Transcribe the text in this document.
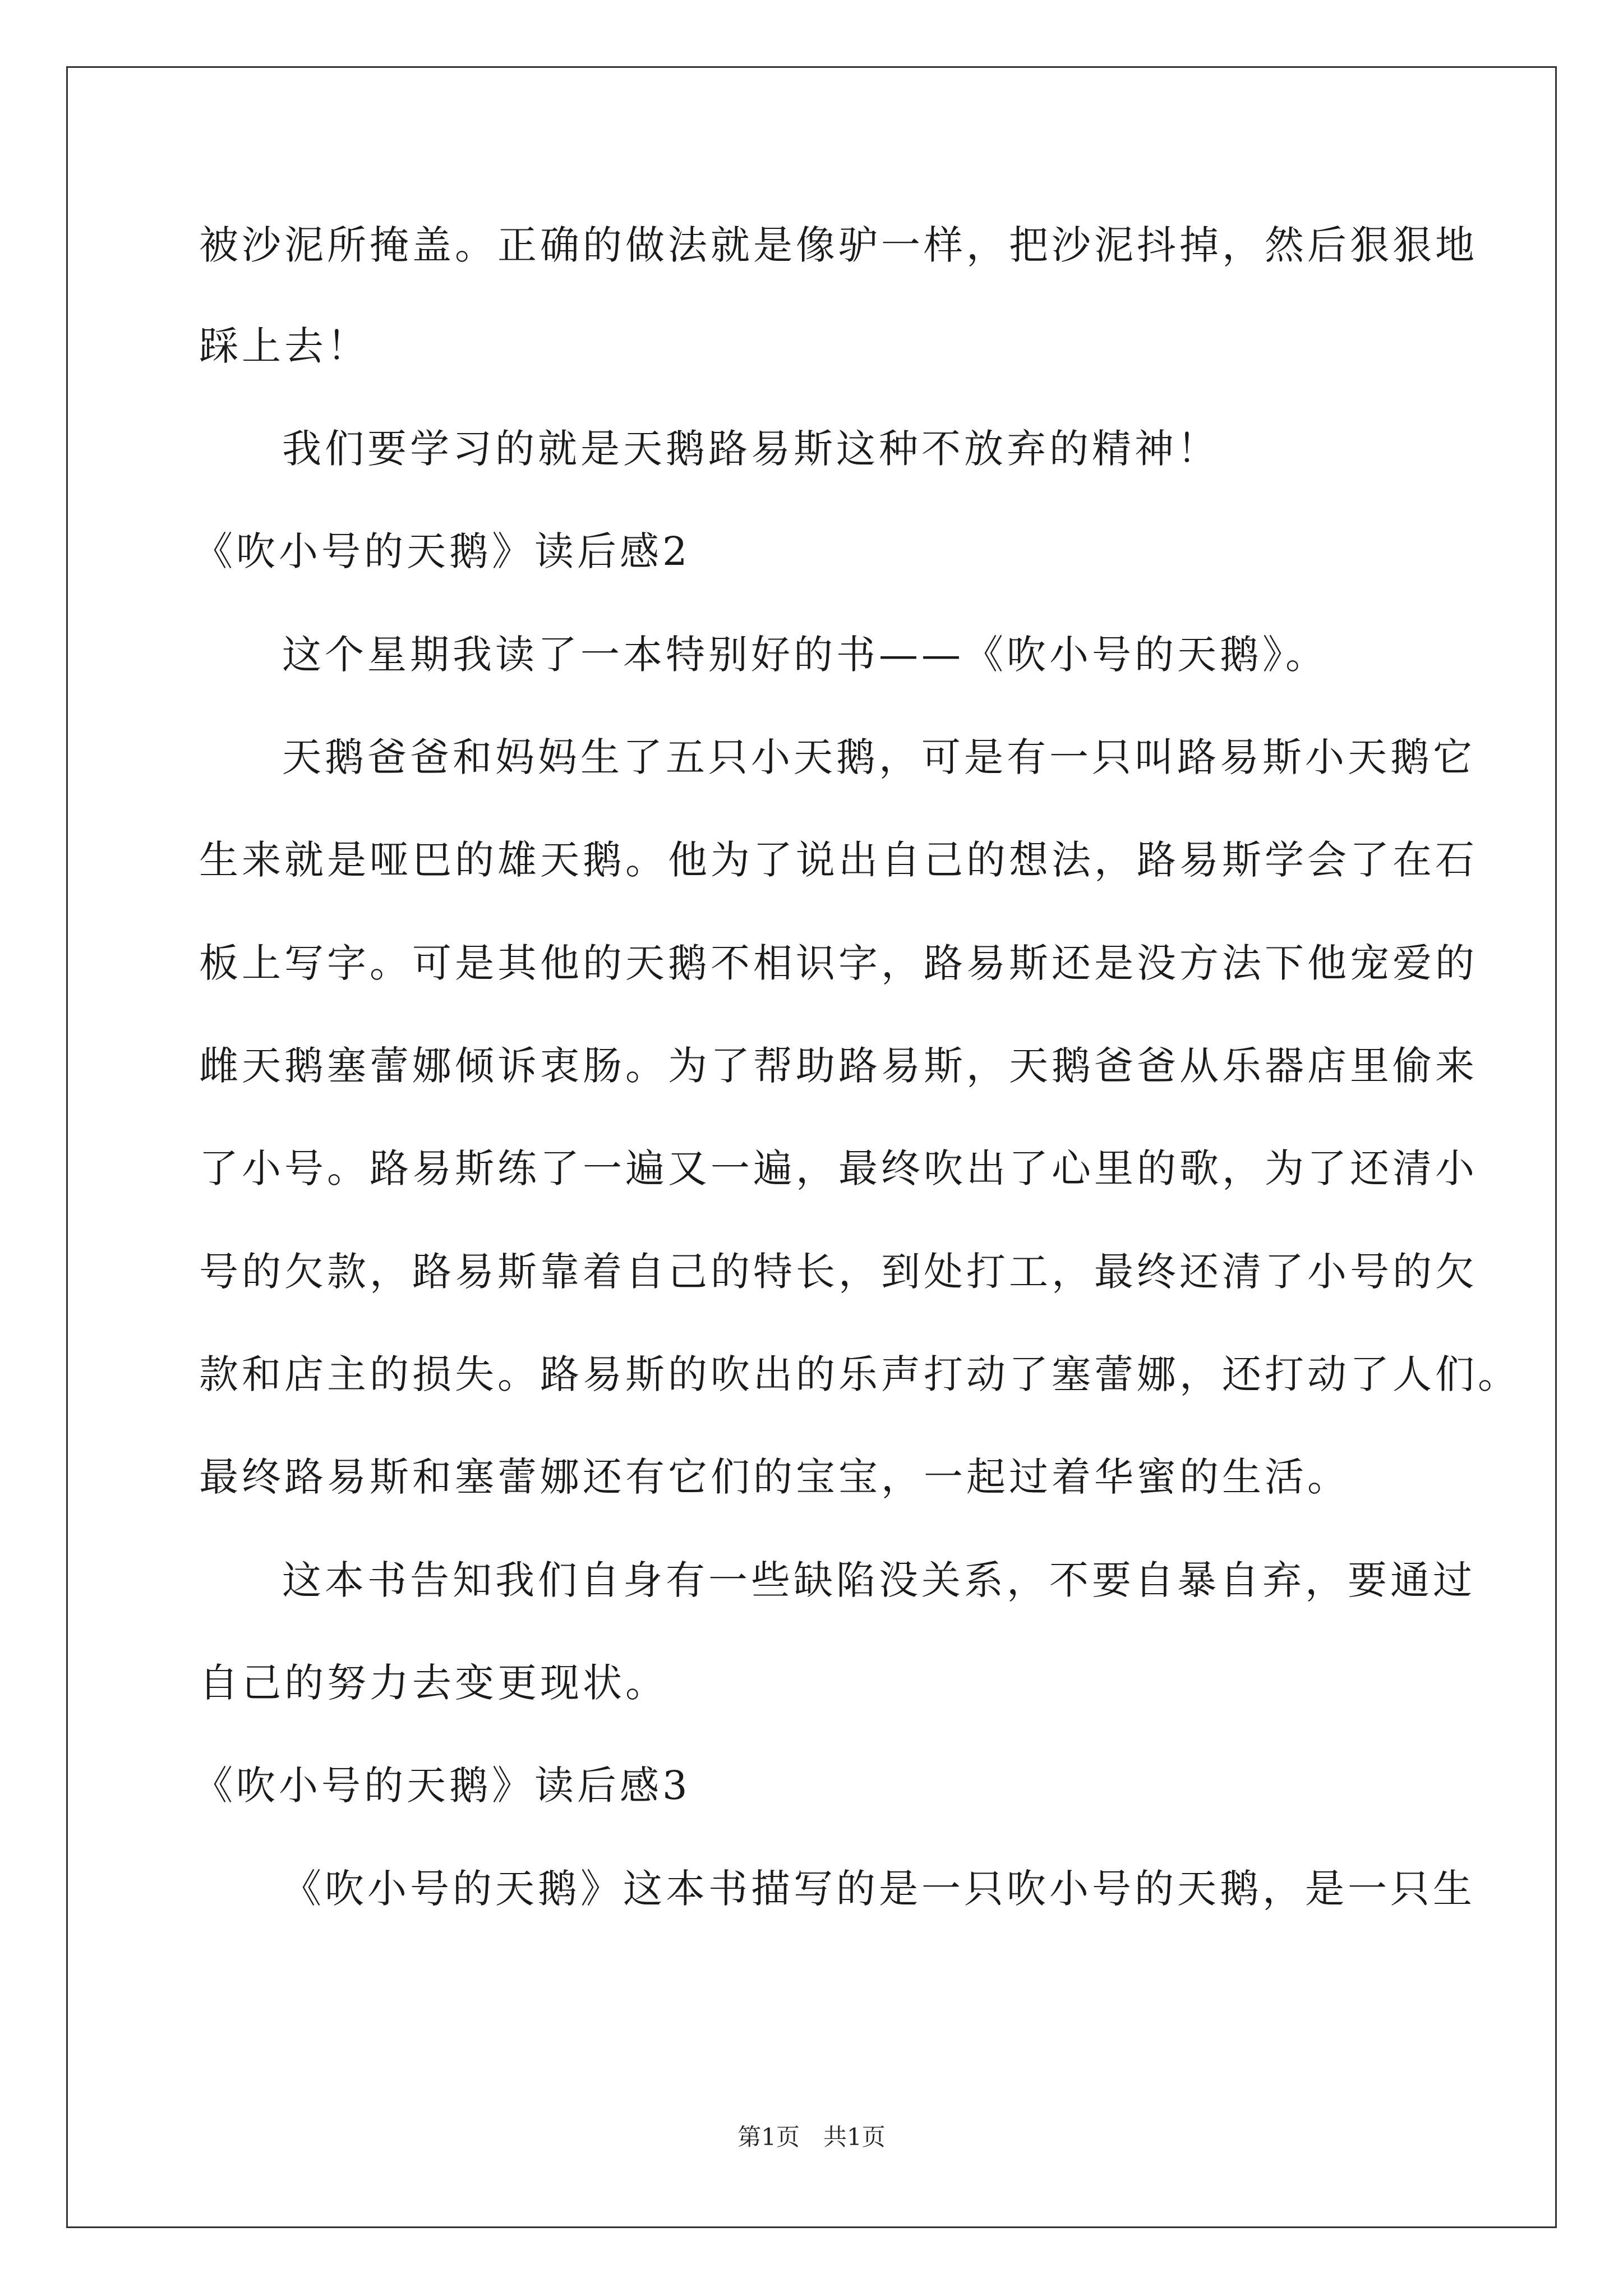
被沙泥所掩盖。正确的做法就是像驴一样，把沙泥抖掉，然后狠狠地
踩上去！
我们要学习的就是天鹅路易斯这种不放弃的精神！
《吹小号的天鹅》读后感2
这个星期我读了一本特别好的书——《吹小号的天鹅》。
天鹅爸爸和妈妈生了五只小天鹅，可是有一只叫路易斯小天鹅它
生来就是哑巴的雄天鹅。他为了说出自己的想法，路易斯学会了在石
板上写字。可是其他的天鹅不相识字，路易斯还是没方法下他宠爱的
雌天鹅塞蕾娜倾诉衷肠。为了帮助路易斯，天鹅爸爸从乐器店里偷来
了小号。路易斯练了一遍又一遍，最终吹出了心里的歌，为了还清小
号的欠款，路易斯靠着自己的特长，到处打工，最终还清了小号的欠
款和店主的损失。路易斯的吹出的乐声打动了塞蕾娜，还打动了人们。
最终路易斯和塞蕾娜还有它们的宝宝，一起过着华蜜的生活。
这本书告知我们自身有一些缺陷没关系，不要自暴自弃，要通过
自己的努力去变更现状。
《吹小号的天鹅》读后感3
《吹小号的天鹅》这本书描写的是一只吹小号的天鹅，是一只生
第1页　共1页
